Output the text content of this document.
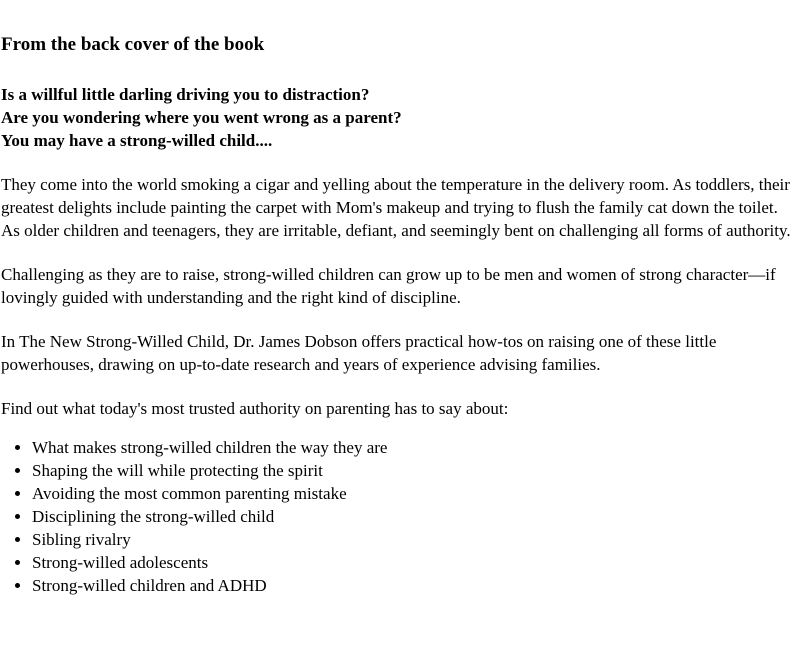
From the back cover of the book

Is a willful little darling driving you to distraction?

Are you wondering where you went wrong as a parent?

You may have a strong-willed child....

They come into the world smoking a cigar and yelling about the temperature in the delivery room. As toddlers, their greatest delights include painting the carpet with Mom's makeup and trying to flush the family cat down the toilet. As older children and teenagers, they are irritable, defiant, and seemingly bent on challenging all forms of authority.

Challenging as they are to raise, strong-willed children can grow up to be men and women of strong character—if lovingly guided with understanding and the right kind of discipline.

In The New Strong-Willed Child, Dr. James Dobson offers practical how-tos on raising one of these little powerhouses, drawing on up-to-date research and years of experience advising families.

Find out what today's most trusted authority on parenting has to say about:

• What makes strong-willed children the way they are
• Shaping the will while protecting the spirit
• Avoiding the most common parenting mistake
• Disciplining the strong-willed child
• Sibling rivalry
• Strong-willed adolescents
• Strong-willed children and ADHD
